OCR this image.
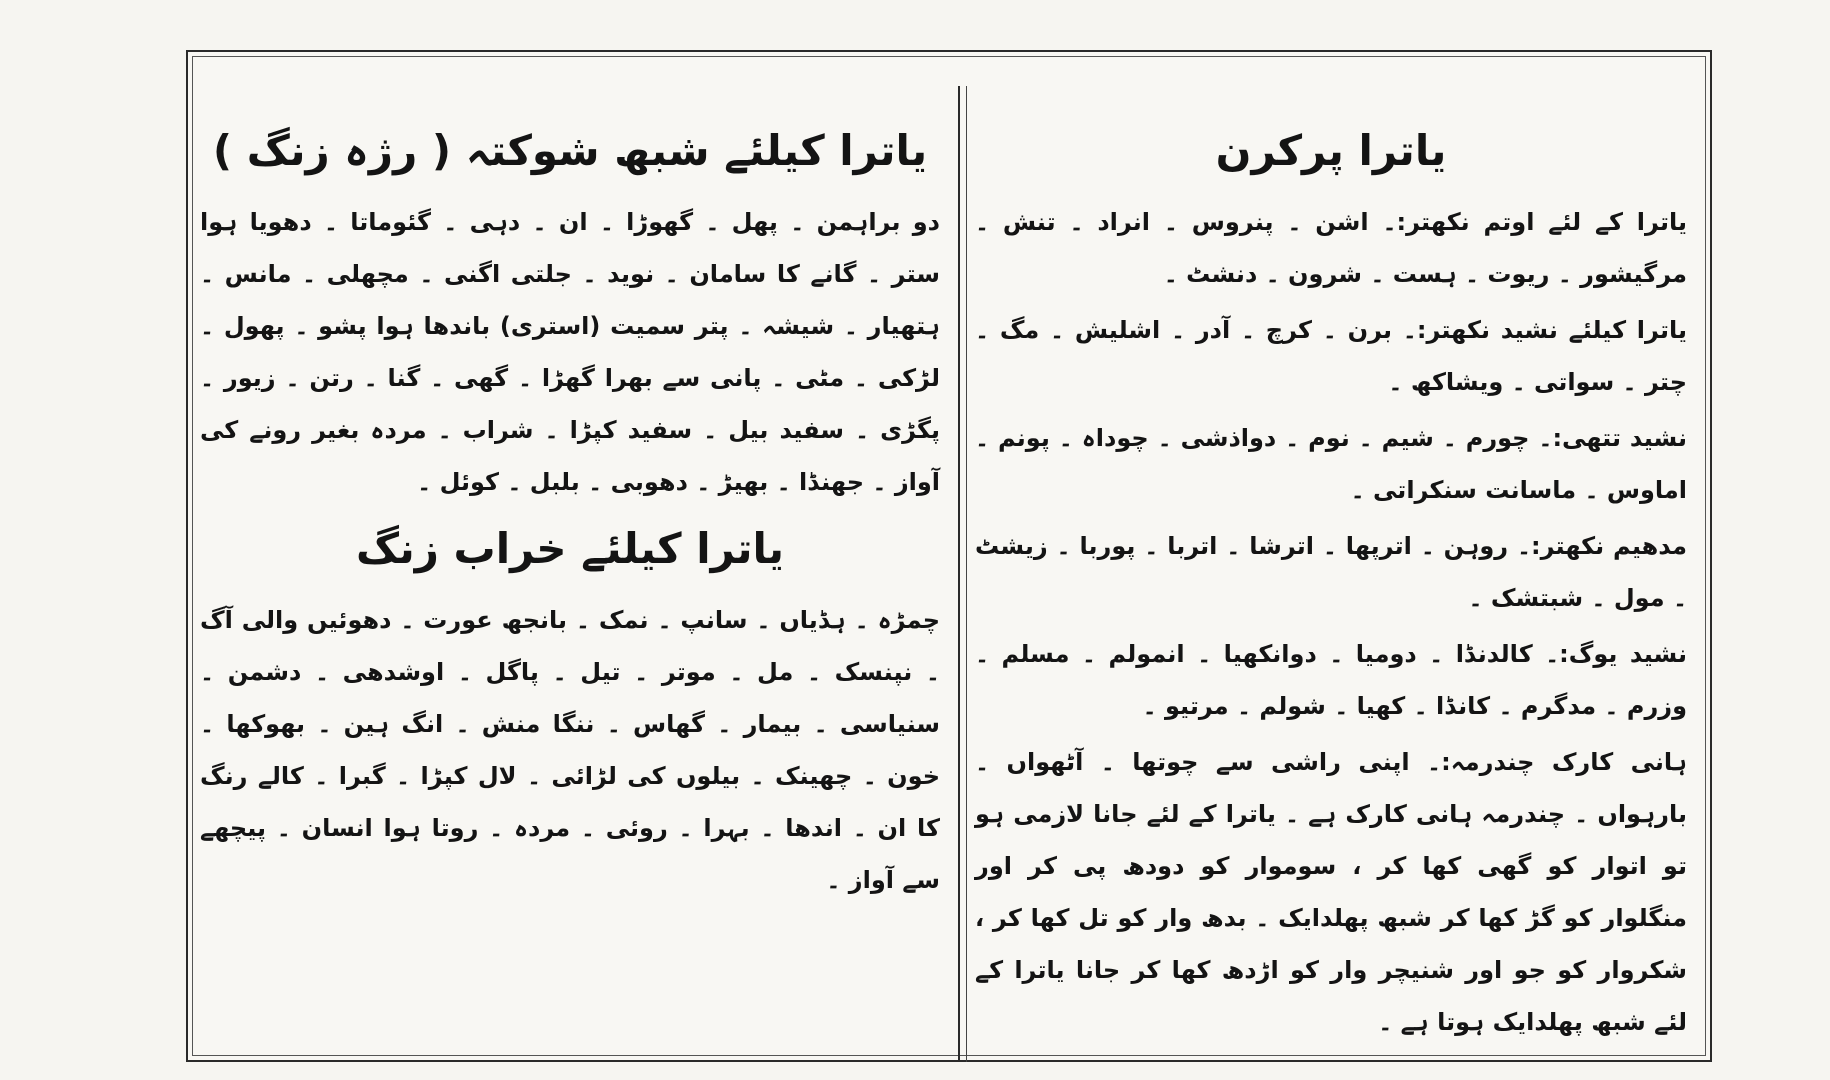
یاترا پرکرن

یاترا کے لئے اوتم نکھتر:۔ اشن ۔ پنروس ۔ انراد ۔ تنش ۔ مرگیشور ۔ ریوت ۔ ہست ۔ شرون ۔ دنشٹ ۔

یاترا کیلئے نشید نکھتر:۔ برن ۔ کرچ ۔ آدر ۔ اشلیش ۔ مگ ۔ چتر ۔ سواتی ۔ ویشاکھ ۔

نشید تتھی:۔ چورم ۔ شیم ۔ نوم ۔ دواذشی ۔ چوداہ ۔ پونم ۔ اماوس ۔ ماسانت سنکراتی ۔

مدھیم نکھتر:۔ روہن ۔ اترپھا ۔ اترشا ۔ اتربا ۔ پوربا ۔ زیشٹ ۔ مول ۔ شبتشک ۔

نشید یوگ:۔ کالدنڈا ۔ دومیا ۔ دوانکھیا ۔ انمولم ۔ مسلم ۔ وزرم ۔ مدگرم ۔ کانڈا ۔ کھیا ۔ شولم ۔ مرتیو ۔

ہانی کارک چندرمہ:۔ اپنی راشی سے چوتھا ۔ آٹھواں ۔ بارہواں ۔ چندرمہ ہانی کارک ہے ۔ یاترا کے لئے جانا لازمی ہو تو اتوار کو گھی کھا کر ، سوموار کو دودھ پی کر اور منگلوار کو گڑ کھا کر شبھ پھلدایک ۔ بدھ وار کو تل کھا کر ، شکروار کو جو اور شنیچر وار کو اڑدھ کھا کر جانا یاترا کے لئے شبھ پھلدایک ہوتا ہے ۔

یاترا کیلئے شبھ شوکتہ ( رژہ زنگ )

دو براہمن ۔ پھل ۔ گھوڑا ۔ ان ۔ دہی ۔ گئوماتا ۔ دھویا ہوا ستر ۔ گانے کا سامان ۔ نوید ۔ جلتی اگنی ۔ مچھلی ۔ مانس ۔ ہتھیار ۔ شیشہ ۔ پتر سمیت (استری) باندھا ہوا پشو ۔ پھول ۔ لڑکی ۔ مٹی ۔ پانی سے بھرا گھڑا ۔ گھی ۔ گنا ۔ رتن ۔ زیور ۔ پگڑی ۔ سفید بیل ۔ سفید کپڑا ۔ شراب ۔ مردہ بغیر رونے کی آواز ۔ جھنڈا ۔ بھیڑ ۔ دھوبی ۔ بلبل ۔ کوئل ۔

یاترا کیلئے خراب زنگ

چمڑہ ۔ ہڈیاں ۔ سانپ ۔ نمک ۔ بانجھ عورت ۔ دھوئیں والی آگ ۔ نپنسک ۔ مل ۔ موتر ۔ تیل ۔ پاگل ۔ اوشدھی ۔ دشمن ۔ سنیاسی ۔ بیمار ۔ گھاس ۔ ننگا منش ۔ انگ ہین ۔ بھوکھا ۔ خون ۔ چھینک ۔ بیلوں کی لڑائی ۔ لال کپڑا ۔ گبرا ۔ کالے رنگ کا ان ۔ اندھا ۔ بہرا ۔ روئی ۔ مردہ ۔ روتا ہوا انسان ۔ پیچھے سے آواز ۔
